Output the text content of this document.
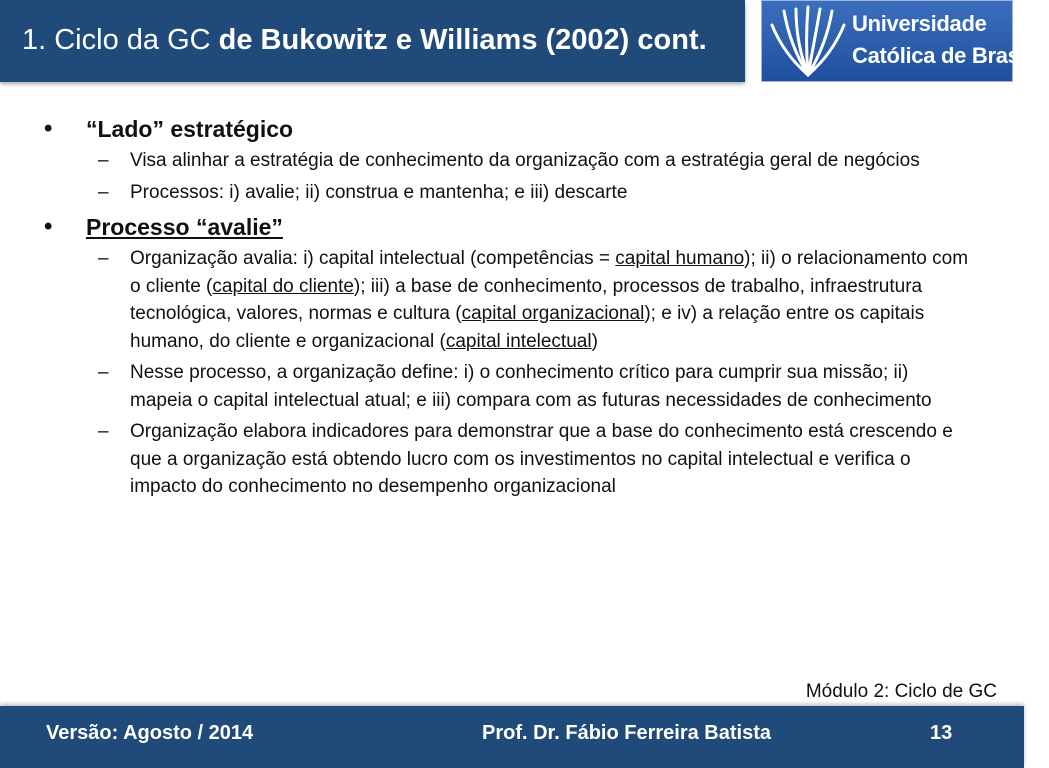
1. Ciclo da GC de Bukowitz e Williams (2002) cont.
Universidade
Católica de Brasília
• “Lado” estratégico
– Visa alinhar a estratégia de conhecimento da organização com a estratégia geral de negócios
– Processos: i) avalie; ii) construa e mantenha; e iii) descarte
• Processo “avalie”
– Organização avalia: i) capital intelectual (competências = capital humano); ii) o relacionamento com o cliente (capital do cliente); iii) a base de conhecimento, processos de trabalho, infraestrutura tecnológica, valores, normas e cultura (capital organizacional); e iv) a relação entre os capitais humano, do cliente e organizacional (capital intelectual)
– Nesse processo, a organização define: i) o conhecimento crítico para cumprir sua missão; ii) mapeia o capital intelectual atual; e iii) compara com as futuras necessidades de conhecimento
– Organização elabora indicadores para demonstrar que a base do conhecimento está crescendo e que a organização está obtendo lucro com os investimentos no capital intelectual e verifica o impacto do conhecimento no desempenho organizacional
Módulo 2: Ciclo de GC
Versão: Agosto / 2014	Prof. Dr. Fábio Ferreira Batista	13
